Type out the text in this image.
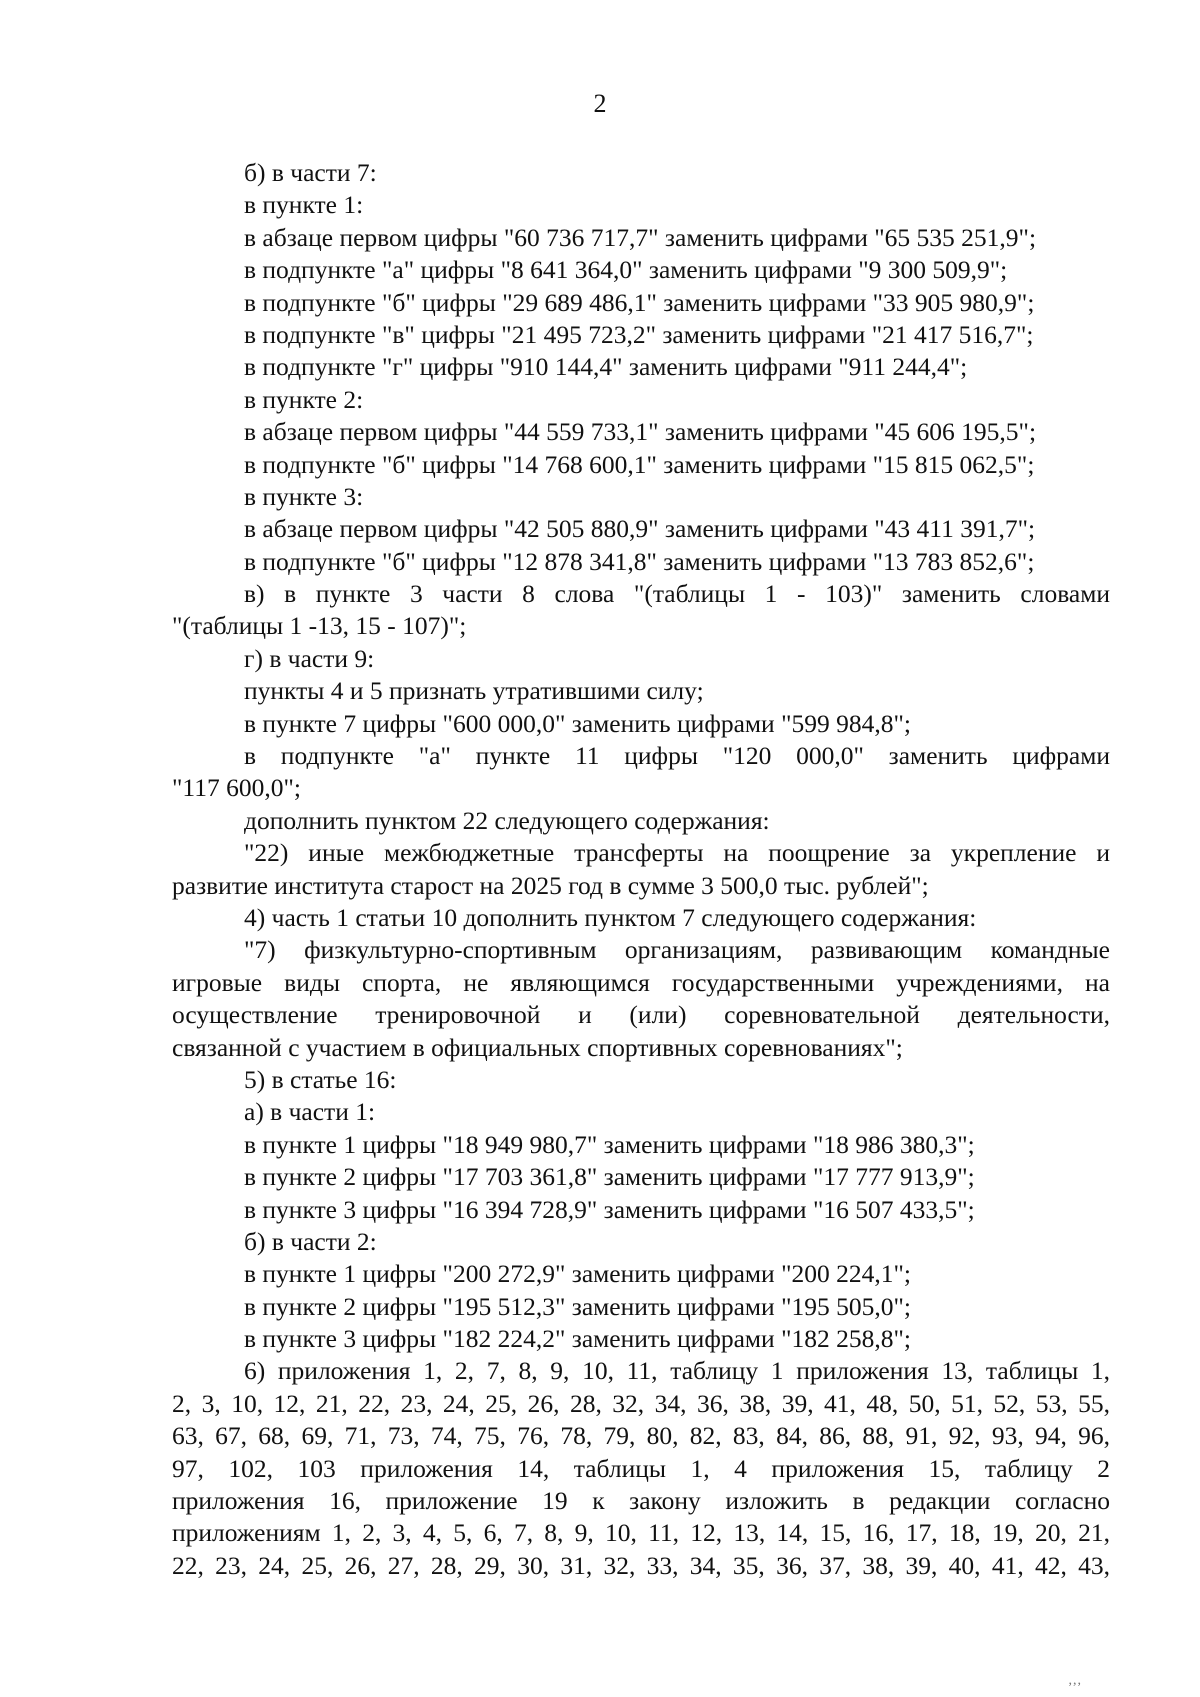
2
б) в части 7:
в пункте 1:
в абзаце первом цифры "60 736 717,7" заменить цифрами "65 535 251,9";
в подпункте "а" цифры "8 641 364,0" заменить цифрами "9 300 509,9";
в подпункте "б" цифры "29 689 486,1" заменить цифрами "33 905 980,9";
в подпункте "в" цифры "21 495 723,2" заменить цифрами "21 417 516,7";
в подпункте "г" цифры "910 144,4" заменить цифрами "911 244,4";
в пункте 2:
в абзаце первом цифры "44 559 733,1" заменить цифрами "45 606 195,5";
в подпункте "б" цифры "14 768 600,1" заменить цифрами "15 815 062,5";
в пункте 3:
в абзаце первом цифры "42 505 880,9" заменить цифрами "43 411 391,7";
в подпункте "б" цифры "12 878 341,8" заменить цифрами "13 783 852,6";
в) в пункте 3 части 8 слова "(таблицы 1 - 103)" заменить словами
"(таблицы 1 -13, 15 - 107)";
г) в части 9:
пункты 4 и 5 признать утратившими силу;
в пункте 7 цифры "600 000,0" заменить цифрами "599 984,8";
в подпункте "а" пункте 11 цифры "120 000,0" заменить цифрами
"117 600,0";
дополнить пунктом 22 следующего содержания:
"22) иные межбюджетные трансферты на поощрение за укрепление и
развитие института старост на 2025 год в сумме 3 500,0 тыс. рублей";
4) часть 1 статьи 10 дополнить пунктом 7 следующего содержания:
"7) физкультурно-спортивным организациям, развивающим командные
игровые виды спорта, не являющимся государственными учреждениями, на
осуществление тренировочной и (или) соревновательной деятельности,
связанной с участием в официальных спортивных соревнованиях";
5) в статье 16:
а) в части 1:
в пункте 1 цифры "18 949 980,7" заменить цифрами "18 986 380,3";
в пункте 2 цифры "17 703 361,8" заменить цифрами "17 777 913,9";
в пункте 3 цифры "16 394 728,9" заменить цифрами "16 507 433,5";
б) в части 2:
в пункте 1 цифры "200 272,9" заменить цифрами "200 224,1";
в пункте 2 цифры "195 512,3" заменить цифрами "195 505,0";
в пункте 3 цифры "182 224,2" заменить цифрами "182 258,8";
6) приложения 1, 2, 7, 8, 9, 10, 11, таблицу 1 приложения 13, таблицы 1,
2, 3, 10, 12, 21, 22, 23, 24, 25, 26, 28, 32, 34, 36, 38, 39, 41, 48, 50, 51, 52, 53, 55,
63, 67, 68, 69, 71, 73, 74, 75, 76, 78, 79, 80, 82, 83, 84, 86, 88, 91, 92, 93, 94, 96,
97, 102, 103 приложения 14, таблицы 1, 4 приложения 15, таблицу 2
приложения 16, приложение 19 к закону изложить в редакции согласно
приложениям 1, 2, 3, 4, 5, 6, 7, 8, 9, 10, 11, 12, 13, 14, 15, 16, 17, 18, 19, 20, 21,
22, 23, 24, 25, 26, 27, 28, 29, 30, 31, 32, 33, 34, 35, 36, 37, 38, 39, 40, 41, 42, 43,
,,,
